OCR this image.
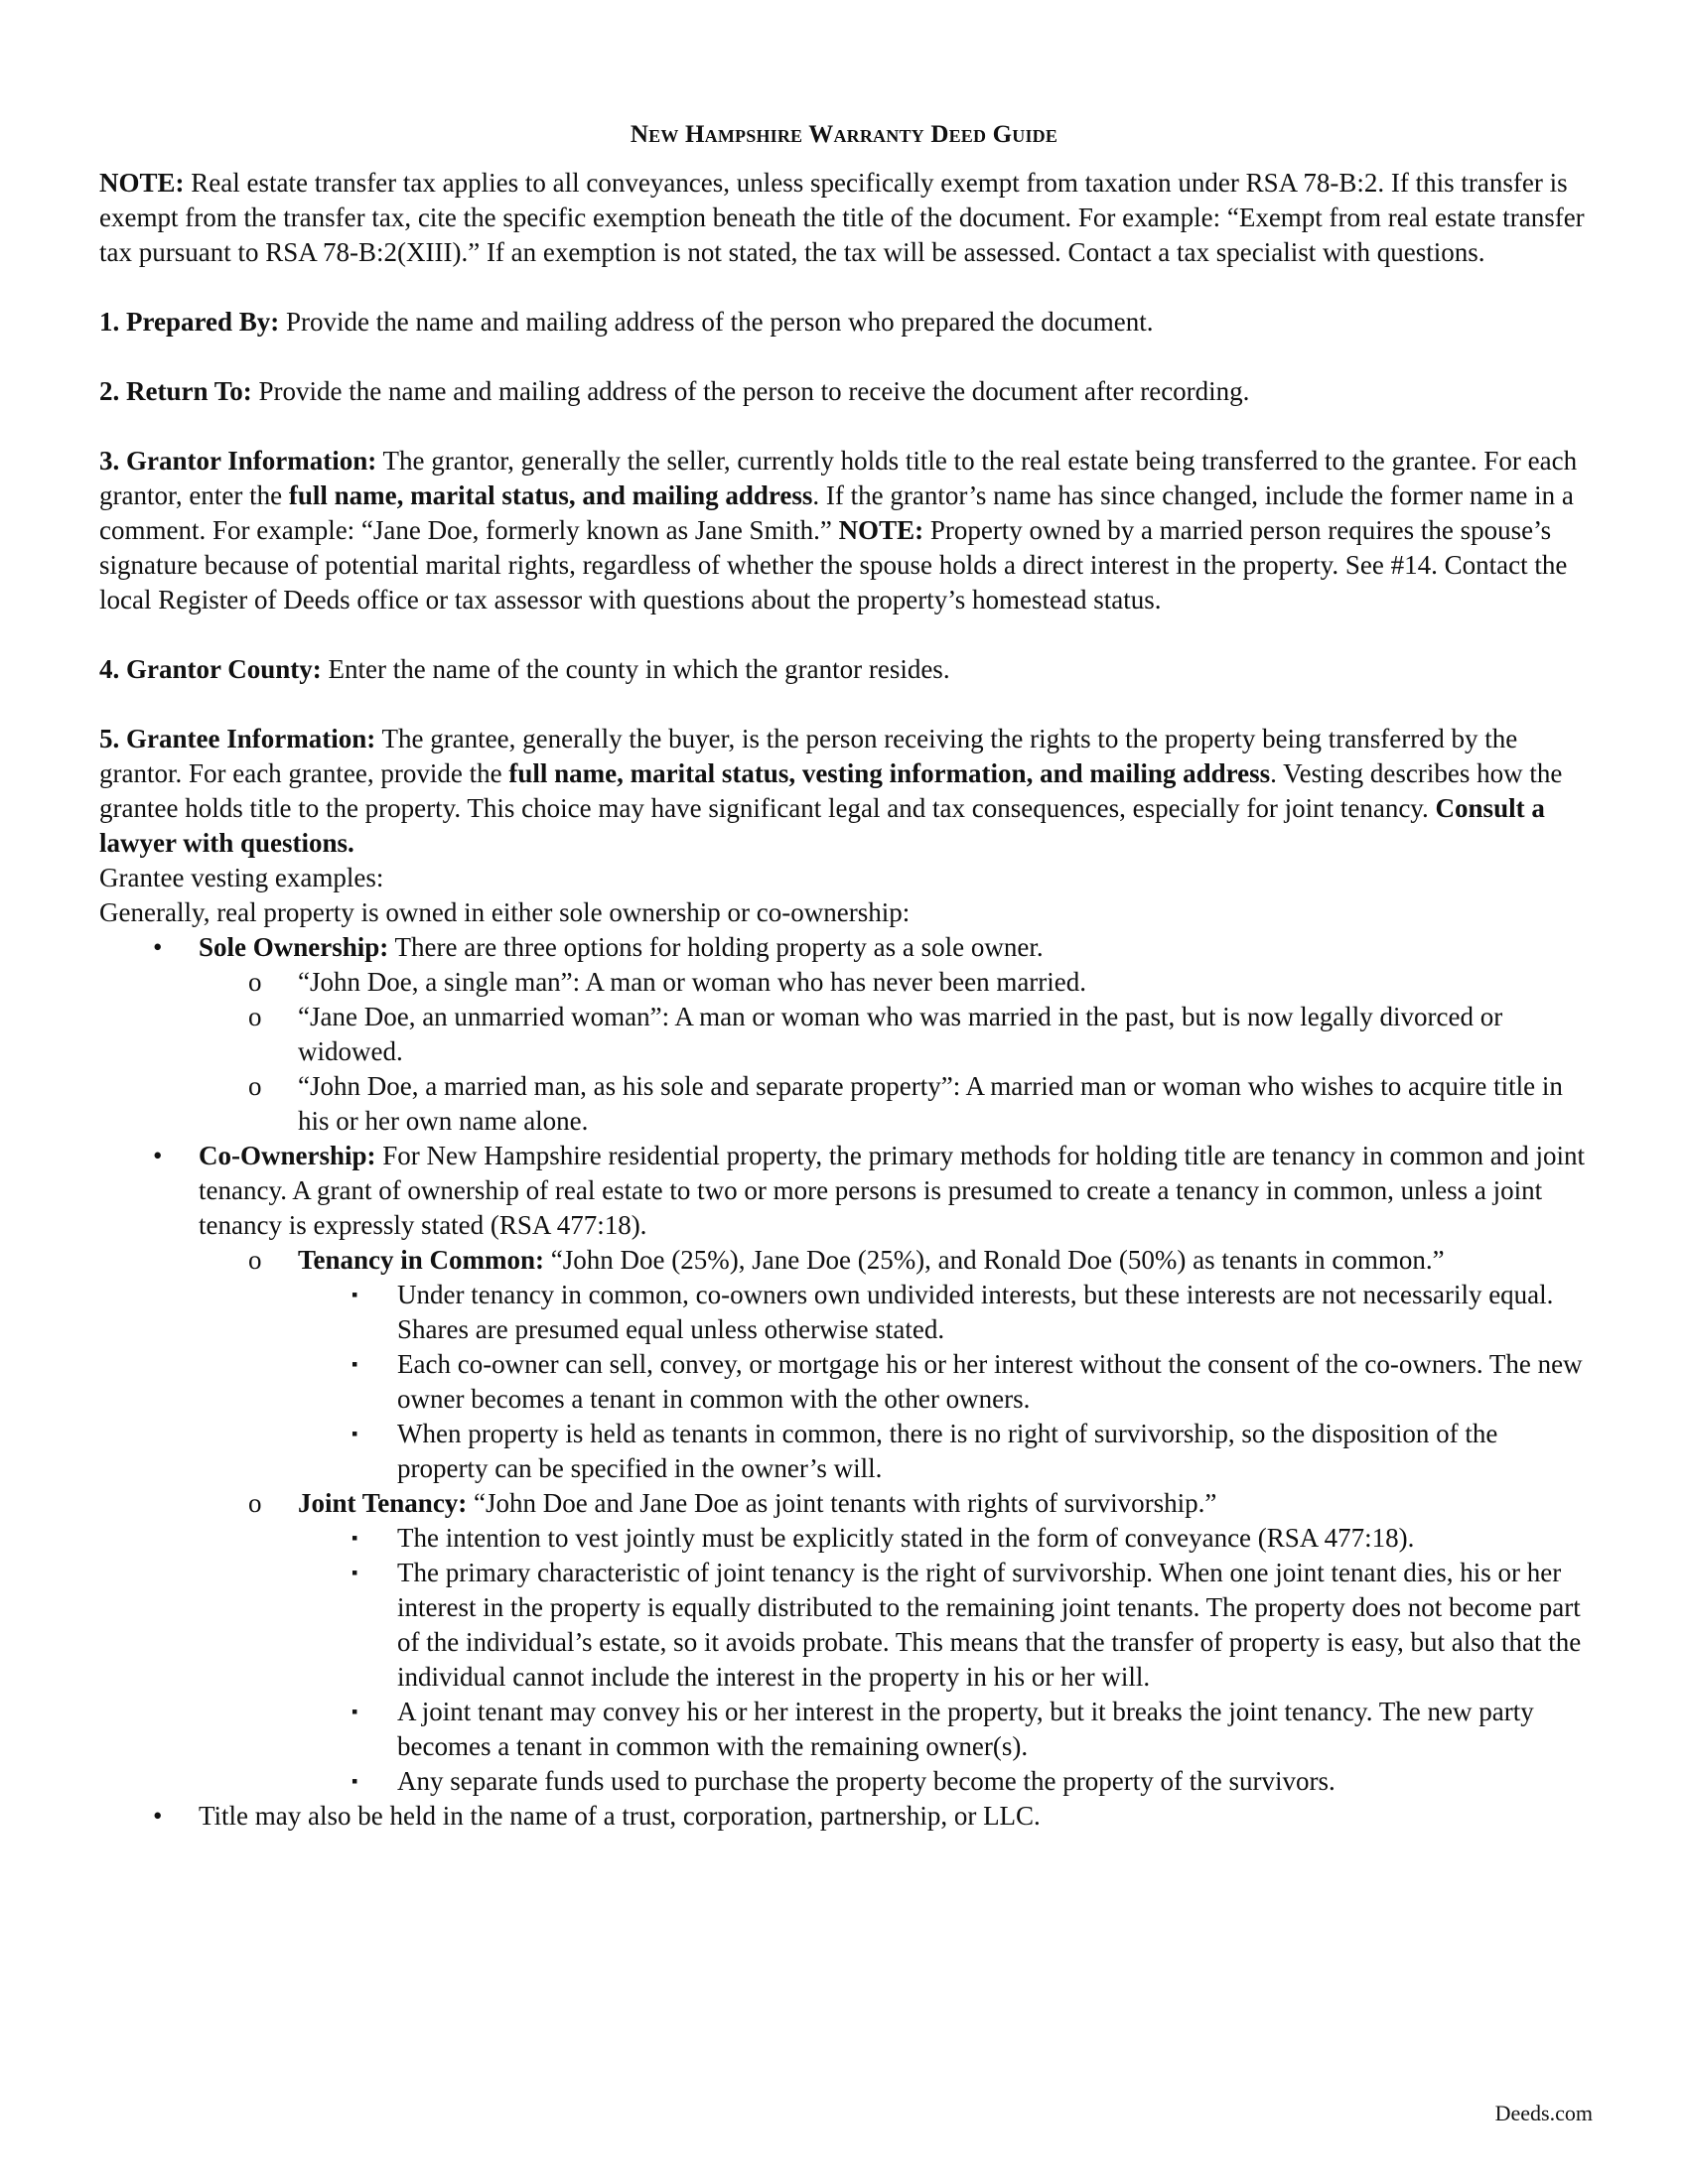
New Hampshire Warranty Deed Guide

NOTE: Real estate transfer tax applies to all conveyances, unless specifically exempt from taxation under RSA 78-B:2. If this transfer is exempt from the transfer tax, cite the specific exemption beneath the title of the document. For example: “Exempt from real estate transfer tax pursuant to RSA 78-B:2(XIII).” If an exemption is not stated, the tax will be assessed. Contact a tax specialist with questions.

1. Prepared By: Provide the name and mailing address of the person who prepared the document.

2. Return To: Provide the name and mailing address of the person to receive the document after recording.

3. Grantor Information: The grantor, generally the seller, currently holds title to the real estate being transferred to the grantee. For each grantor, enter the full name, marital status, and mailing address. If the grantor’s name has since changed, include the former name in a comment. For example: “Jane Doe, formerly known as Jane Smith.” NOTE: Property owned by a married person requires the spouse’s signature because of potential marital rights, regardless of whether the spouse holds a direct interest in the property. See #14. Contact the local Register of Deeds office or tax assessor with questions about the property’s homestead status.

4. Grantor County: Enter the name of the county in which the grantor resides.

5. Grantee Information: The grantee, generally the buyer, is the person receiving the rights to the property being transferred by the grantor. For each grantee, provide the full name, marital status, vesting information, and mailing address. Vesting describes how the grantee holds title to the property. This choice may have significant legal and tax consequences, especially for joint tenancy. Consult a lawyer with questions.

Grantee vesting examples:

Generally, real property is owned in either sole ownership or co-ownership:

• Sole Ownership: There are three options for holding property as a sole owner.
o “John Doe, a single man”: A man or woman who has never been married.
o “Jane Doe, an unmarried woman”: A man or woman who was married in the past, but is now legally divorced or widowed.
o “John Doe, a married man, as his sole and separate property”: A married man or woman who wishes to acquire title in his or her own name alone.
• Co-Ownership: For New Hampshire residential property, the primary methods for holding title are tenancy in common and joint tenancy. A grant of ownership of real estate to two or more persons is presumed to create a tenancy in common, unless a joint tenancy is expressly stated (RSA 477:18).
o Tenancy in Common: “John Doe (25%), Jane Doe (25%), and Ronald Doe (50%) as tenants in common.”
▪ Under tenancy in common, co-owners own undivided interests, but these interests are not necessarily equal. Shares are presumed equal unless otherwise stated.
▪ Each co-owner can sell, convey, or mortgage his or her interest without the consent of the co-owners. The new owner becomes a tenant in common with the other owners.
▪ When property is held as tenants in common, there is no right of survivorship, so the disposition of the property can be specified in the owner’s will.
o Joint Tenancy: “John Doe and Jane Doe as joint tenants with rights of survivorship.”
▪ The intention to vest jointly must be explicitly stated in the form of conveyance (RSA 477:18).
▪ The primary characteristic of joint tenancy is the right of survivorship. When one joint tenant dies, his or her interest in the property is equally distributed to the remaining joint tenants. The property does not become part of the individual’s estate, so it avoids probate. This means that the transfer of property is easy, but also that the individual cannot include the interest in the property in his or her will.
▪ A joint tenant may convey his or her interest in the property, but it breaks the joint tenancy. The new party becomes a tenant in common with the remaining owner(s).
▪ Any separate funds used to purchase the property become the property of the survivors.
• Title may also be held in the name of a trust, corporation, partnership, or LLC.
Deeds.com
